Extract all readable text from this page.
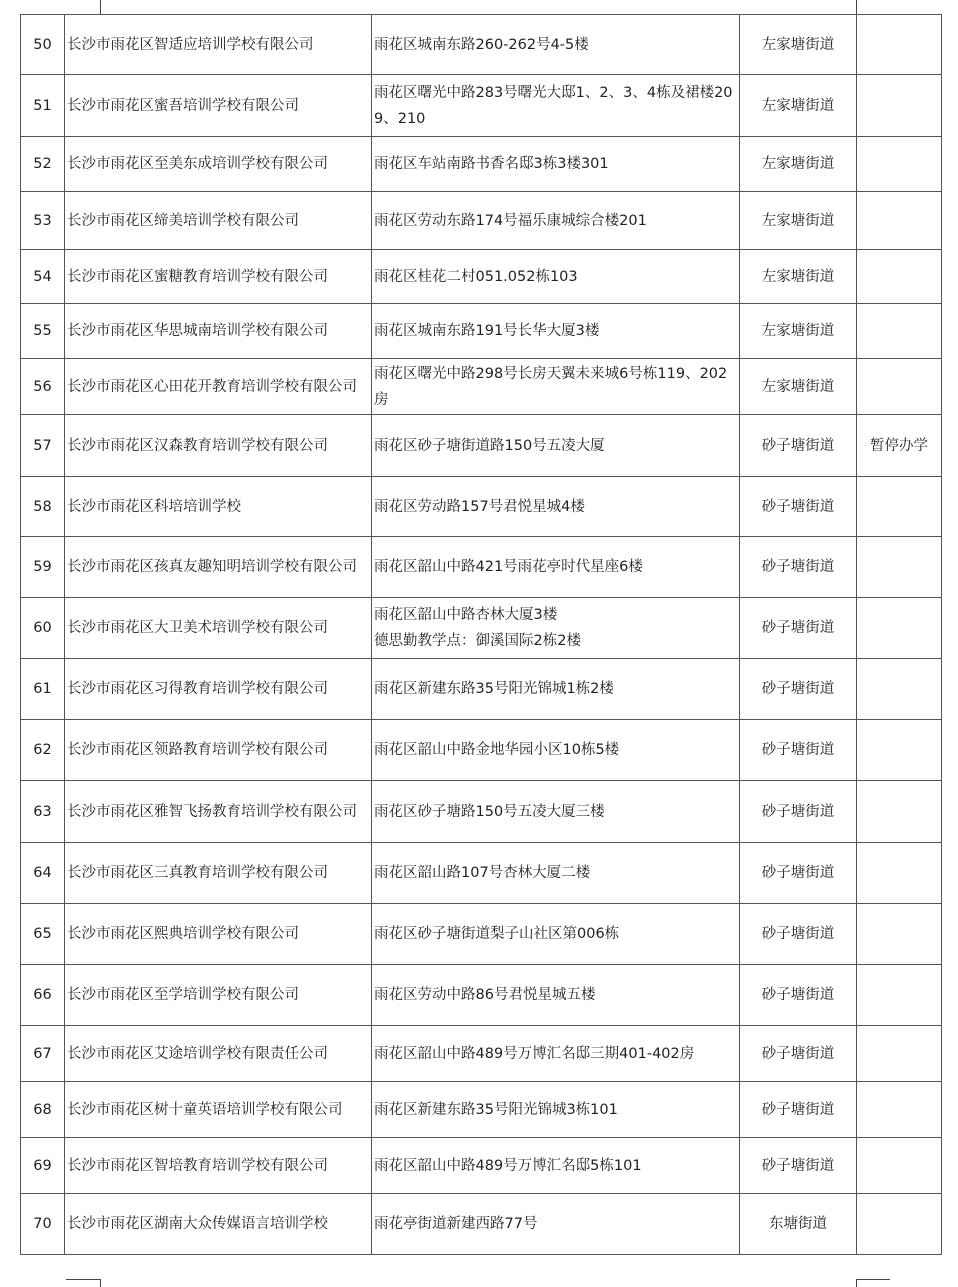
50	长沙市雨花区智适应培训学校有限公司	雨花区城南东路260-262号4-5楼	左家塘街道	
51	长沙市雨花区蜜吾培训学校有限公司	雨花区曙光中路283号曙光大邸1、2、3、4栋及裙楼209、210	左家塘街道	
52	长沙市雨花区至美东成培训学校有限公司	雨花区车站南路书香名邸3栋3楼301	左家塘街道	
53	长沙市雨花区缔美培训学校有限公司	雨花区劳动东路174号福乐康城综合楼201	左家塘街道	
54	长沙市雨花区蜜糖教育培训学校有限公司	雨花区桂花二村051.052栋103	左家塘街道	
55	长沙市雨花区华思城南培训学校有限公司	雨花区城南东路191号长华大厦3楼	左家塘街道	
56	长沙市雨花区心田花开教育培训学校有限公司	雨花区曙光中路298号长房天翼未来城6号栋119、202房	左家塘街道	
57	长沙市雨花区汉森教育培训学校有限公司	雨花区砂子塘街道路150号五凌大厦	砂子塘街道	暂停办学
58	长沙市雨花区科培培训学校	雨花区劳动路157号君悦星城4楼	砂子塘街道	
59	长沙市雨花区孩真友趣知明培训学校有限公司	雨花区韶山中路421号雨花亭时代星座6楼	砂子塘街道	
60	长沙市雨花区大卫美术培训学校有限公司	雨花区韶山中路杏林大厦3楼
德思勤教学点：御溪国际2栋2楼	砂子塘街道	
61	长沙市雨花区习得教育培训学校有限公司	雨花区新建东路35号阳光锦城1栋2楼	砂子塘街道	
62	长沙市雨花区领路教育培训学校有限公司	雨花区韶山中路金地华园小区10栋5楼	砂子塘街道	
63	长沙市雨花区雅智飞扬教育培训学校有限公司	雨花区砂子塘路150号五凌大厦三楼	砂子塘街道	
64	长沙市雨花区三真教育培训学校有限公司	雨花区韶山路107号杏林大厦二楼	砂子塘街道	
65	长沙市雨花区熙典培训学校有限公司	雨花区砂子塘街道梨子山社区第006栋	砂子塘街道	
66	长沙市雨花区至学培训学校有限公司	雨花区劳动中路86号君悦星城五楼	砂子塘街道	
67	长沙市雨花区艾途培训学校有限责任公司	雨花区韶山中路489号万博汇名邸三期401-402房	砂子塘街道	
68	长沙市雨花区树十童英语培训学校有限公司	雨花区新建东路35号阳光锦城3栋101	砂子塘街道	
69	长沙市雨花区智培教育培训学校有限公司	雨花区韶山中路489号万博汇名邸5栋101	砂子塘街道	
70	长沙市雨花区湖南大众传媒语言培训学校	雨花亭街道新建西路77号	东塘街道	
